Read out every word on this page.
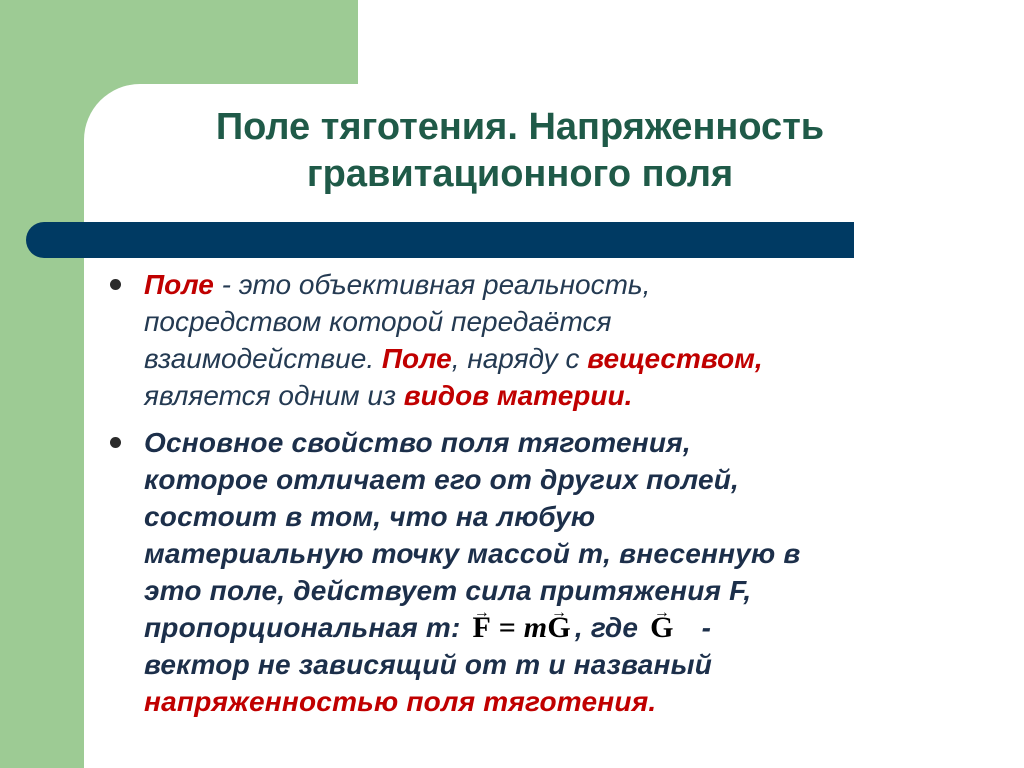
Поле тяготения. Напряженность
гравитационного поля
Поле - это объективная реальность,
посредством которой передаётся
взаимодействие. Поле, наряду с веществом,
является одним из видов материи.
Основное свойство поля тяготения,
которое отличает его от других полей,
состоит в том, что на любую
материальную точку массой m, внесенную в
это поле, действует сила притяжения F,
пропорциональная m: → F = m→ G , где → G   -
вектор не зависящий от m и названый
напряженностью поля тяготения.
